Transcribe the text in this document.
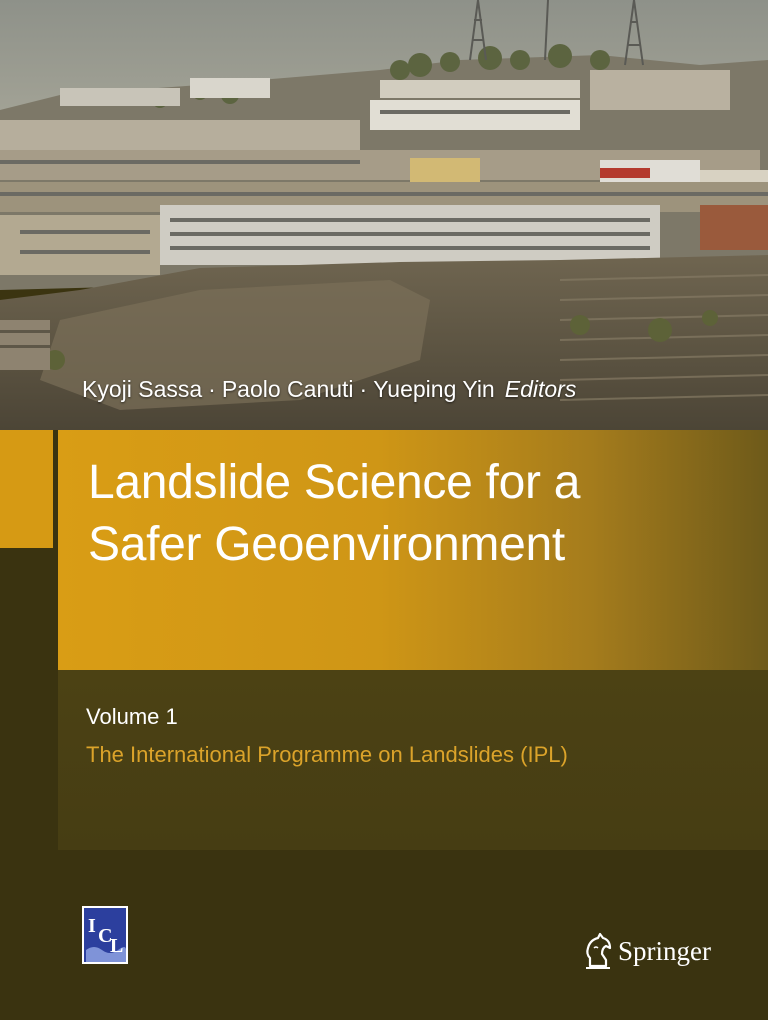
Kyoji Sassa · Paolo Canuti · Yueping Yin Editors
Landslide Science for a
Safer Geoenvironment
Volume 1
The International Programme on Landslides (IPL)
I C
L	Springer
